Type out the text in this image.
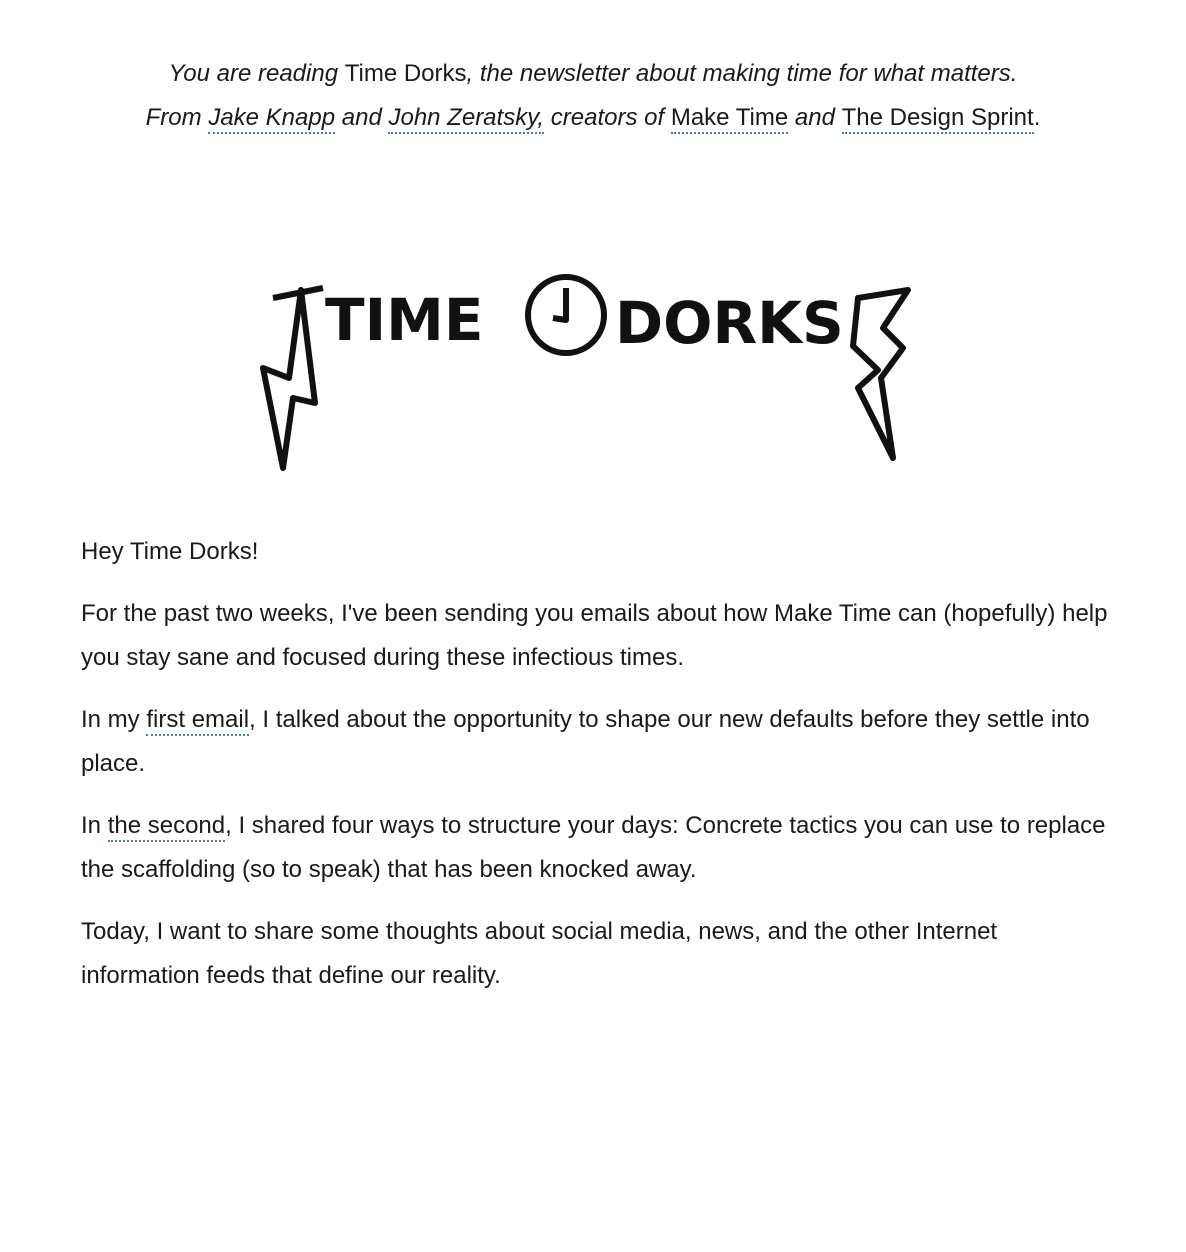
You are reading Time Dorks, the newsletter about making time for what matters.
From Jake Knapp and John Zeratsky, creators of Make Time and The Design Sprint.
TIME DORKS

Hey Time Dorks!

For the past two weeks, I've been sending you emails about how Make Time can (hopefully) help you stay sane and focused during these infectious times.

In my first email, I talked about the opportunity to shape our new defaults before they settle into place.

In the second, I shared four ways to structure your days: Concrete tactics you can use to replace the scaffolding (so to speak) that has been knocked away.

Today, I want to share some thoughts about social media, news, and the other Internet information feeds that define our reality.
